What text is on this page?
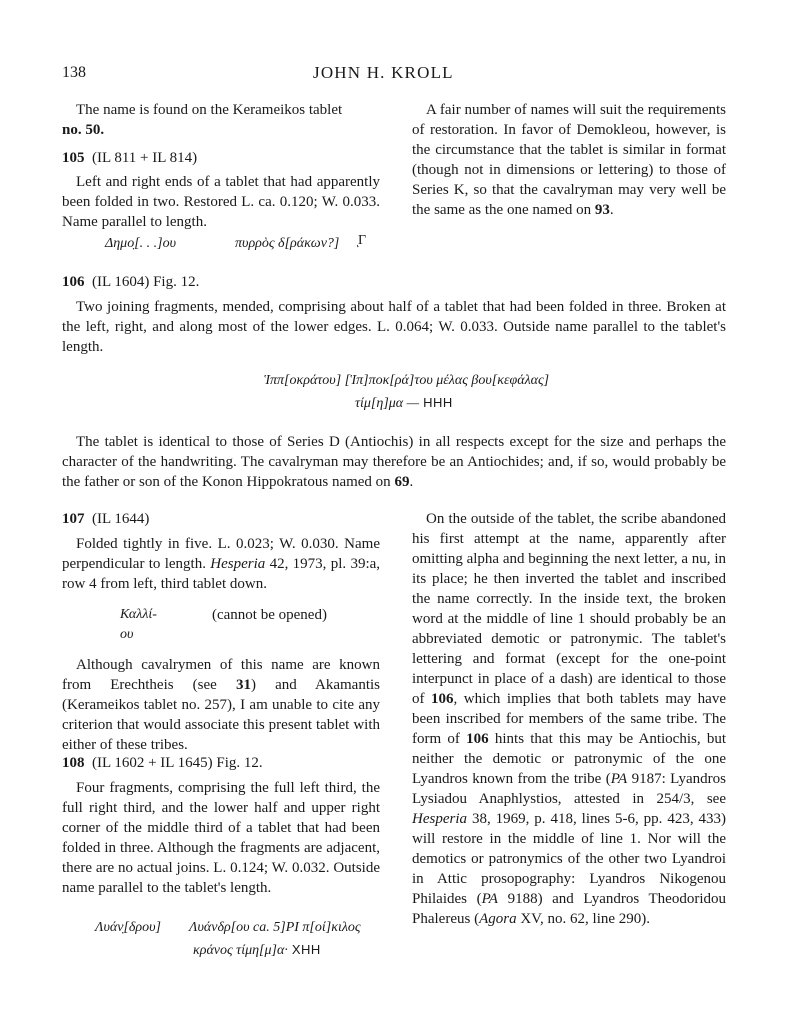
138	JOHN H. KROLL

The name is found on the Kerameikos tablet

no. 50.

105 (IL 811 + IL 814)

Left and right ends of a tablet that had apparently been folded in two. Restored L. ca. 0.120; W. 0.033. Name parallel to length.

Δημο̣[. . .]ου	πυρρὸς δ[ράκων?] ͅΓ

A fair number of names will suit the requirements of restoration. In favor of Demokleou, however, is the circumstance that the tablet is similar in format (though not in dimensions or lettering) to those of Series K, so that the cavalryman may very well be the same as the one named on 93.

106 (IL 1604) Fig. 12.

Two joining fragments, mended, comprising about half of a tablet that had been folded in three. Broken at the left, right, and along most of the lower edges. L. 0.064; W. 0.033. Outside name parallel to the tablet's length.

Ἱππ[οκράτου] [Ἱπ]ποκ[ρά]του μέλας βου[κεφάλας]
τίμ[η]μα — HHH

The tablet is identical to those of Series D (Antiochis) in all respects except for the size and perhaps the character of the handwriting. The cavalryman may therefore be an Antiochides; and, if so, would probably be the father or son of the Konon Hippokratous named on 69.

107 (IL 1644)

Folded tightly in five. L. 0.023; W. 0.030. Name perpendicular to length. Hesperia 42, 1973, pl. 39:a, row 4 from left, third tablet down.

Καλλί-
ου
(cannot be opened)

Although cavalrymen of this name are known from Erechtheis (see 31) and Akamantis (Kerameikos tablet no. 257), I am unable to cite any criterion that would associate this present tablet with either of these tribes.

108 (IL 1602 + IL 1645) Fig. 12.

Four fragments, comprising the full left third, the full right third, and the lower half and upper right corner of the middle third of a tablet that had been folded in three. Although the fragments are adjacent, there are no actual joins. L. 0.124; W. 0.032. Outside name parallel to the tablet's length.

Λυάν̣[δρου] Λυάνδρ[ου ca. 5]PI π[οί]κιλος
κράνος τίμη[μ]α· XHH

On the outside of the tablet, the scribe abandoned his first attempt at the name, apparently after omitting alpha and beginning the next letter, a nu, in its place; he then inverted the tablet and inscribed the name correctly. In the inside text, the broken word at the middle of line 1 should probably be an abbreviated demotic or patronymic. The tablet's lettering and format (except for the one-point interpunct in place of a dash) are identical to those of 106, which implies that both tablets may have been inscribed for members of the same tribe. The form of 106 hints that this may be Antiochis, but neither the demotic or patronymic of the one Lyandros known from the tribe (PA 9187: Lyandros Lysiadou Anaphlystios, attested in 254/3, see Hesperia 38, 1969, p. 418, lines 5-6, pp. 423, 433) will restore in the middle of line 1. Nor will the demotics or patronymics of the other two Lyandroi in Attic prosopography: Lyandros Nikogenou Philaides (PA 9188) and Lyandros Theodoridou Phalereus (Agora XV, no. 62, line 290).
